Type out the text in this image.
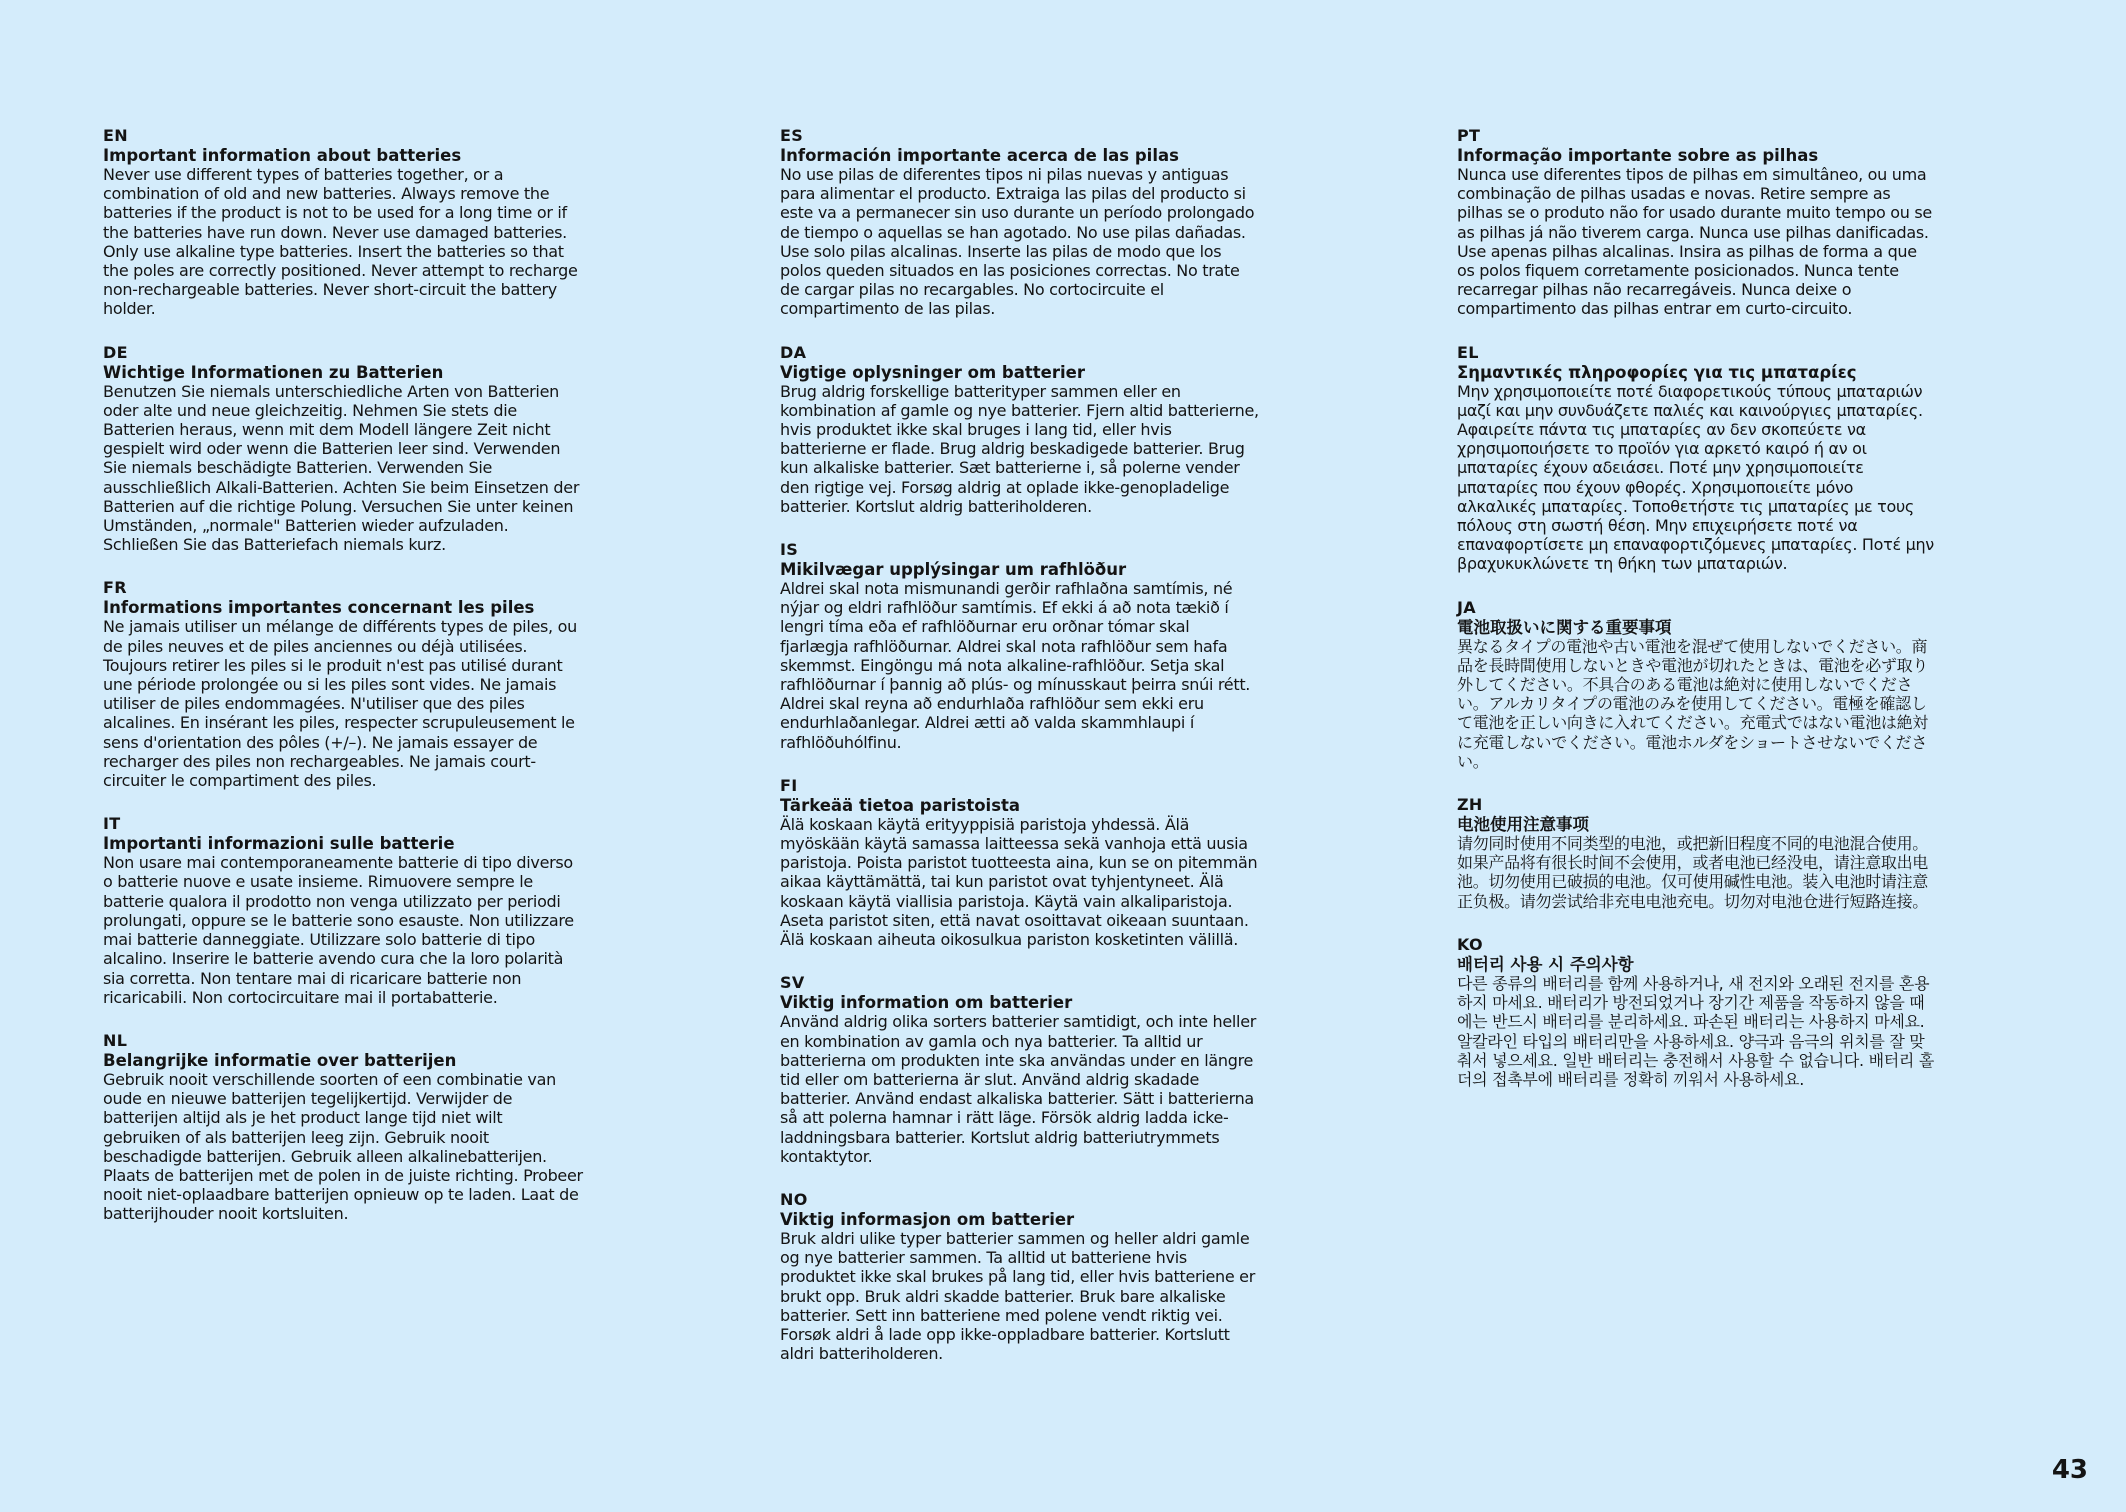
EN
Important information about batteries
Never use different types of batteries together, or a combination of old and new batteries. Always remove the batteries if the product is not to be used for a long time or if the batteries have run down. Never use damaged batteries. Only use alkaline type batteries. Insert the batteries so that the poles are correctly positioned. Never attempt to recharge non-rechargeable batteries. Never short-circuit the battery holder.
DE
Wichtige Informationen zu Batterien
Benutzen Sie niemals unterschiedliche Arten von Batterien oder alte und neue gleichzeitig. Nehmen Sie stets die Batterien heraus, wenn mit dem Modell längere Zeit nicht gespielt wird oder wenn die Batterien leer sind. Verwenden Sie niemals beschädigte Batterien. Verwenden Sie ausschließlich Alkali-Batterien. Achten Sie beim Einsetzen der Batterien auf die richtige Polung. Versuchen Sie unter keinen Umständen, „normale" Batterien wieder aufzuladen. Schließen Sie das Batteriefach niemals kurz.
FR
Informations importantes concernant les piles
Ne jamais utiliser un mélange de différents types de piles, ou de piles neuves et de piles anciennes ou déjà utilisées. Toujours retirer les piles si le produit n'est pas utilisé durant une période prolongée ou si les piles sont vides. Ne jamais utiliser de piles endommagées. N'utiliser que des piles alcalines. En insérant les piles, respecter scrupuleusement le sens d'orientation des pôles (+/–). Ne jamais essayer de recharger des piles non rechargeables. Ne jamais court-circuiter le compartiment des piles.
IT
Importanti informazioni sulle batterie
Non usare mai contemporaneamente batterie di tipo diverso o batterie nuove e usate insieme. Rimuovere sempre le batterie qualora il prodotto non venga utilizzato per periodi prolungati, oppure se le batterie sono esauste. Non utilizzare mai batterie danneggiate. Utilizzare solo batterie di tipo alcalino. Inserire le batterie avendo cura che la loro polarità sia corretta. Non tentare mai di ricaricare batterie non ricaricabili. Non cortocircuitare mai il portabatterie.
NL
Belangrijke informatie over batterijen
Gebruik nooit verschillende soorten of een combinatie van oude en nieuwe batterijen tegelijkertijd. Verwijder de batterijen altijd als je het product lange tijd niet wilt gebruiken of als batterijen leeg zijn. Gebruik nooit beschadigde batterijen. Gebruik alleen alkalinebatterijen. Plaats de batterijen met de polen in de juiste richting. Probeer nooit niet-oplaadbare batterijen opnieuw op te laden. Laat de batterijhouder nooit kortsluiten.
ES
Información importante acerca de las pilas
No use pilas de diferentes tipos ni pilas nuevas y antiguas para alimentar el producto. Extraiga las pilas del producto si este va a permanecer sin uso durante un período prolongado de tiempo o aquellas se han agotado. No use pilas dañadas. Use solo pilas alcalinas. Inserte las pilas de modo que los polos queden situados en las posiciones correctas. No trate de cargar pilas no recargables. No cortocircuite el compartimento de las pilas.
DA
Vigtige oplysninger om batterier
Brug aldrig forskellige batterityper sammen eller en kombination af gamle og nye batterier. Fjern altid batterierne, hvis produktet ikke skal bruges i lang tid, eller hvis batterierne er flade. Brug aldrig beskadigede batterier. Brug kun alkaliske batterier. Sæt batterierne i, så polerne vender den rigtige vej. Forsøg aldrig at oplade ikke-genopladelige batterier. Kortslut aldrig batteriholderen.
IS
Mikilvægar upplýsingar um rafhlöður
Aldrei skal nota mismunandi gerðir rafhlaðna samtímis, né nýjar og eldri rafhlöður samtímis. Ef ekki á að nota tækið í lengri tíma eða ef rafhlöðurnar eru orðnar tómar skal fjarlægja rafhlöðurnar. Aldrei skal nota rafhlöður sem hafa skemmst. Eingöngu má nota alkaline-rafhlöður. Setja skal rafhlöðurnar í þannig að plús- og mínusskaut þeirra snúi rétt. Aldrei skal reyna að endurhlaða rafhlöður sem ekki eru endurhlaðanlegar. Aldrei ætti að valda skammhlaupi í rafhlöðuhólfinu.
FI
Tärkeää tietoa paristoista
Älä koskaan käytä erityyppisiä paristoja yhdessä. Älä myöskään käytä samassa laitteessa sekä vanhoja että uusia paristoja. Poista paristot tuotteesta aina, kun se on pitemmän aikaa käyttämättä, tai kun paristot ovat tyhjentyneet. Älä koskaan käytä viallisia paristoja. Käytä vain alkaliparistoja. Aseta paristot siten, että navat osoittavat oikeaan suuntaan. Älä koskaan aiheuta oikosulkua pariston kosketinten välillä.
SV
Viktig information om batterier
Använd aldrig olika sorters batterier samtidigt, och inte heller en kombination av gamla och nya batterier. Ta alltid ur batterierna om produkten inte ska användas under en längre tid eller om batterierna är slut. Använd aldrig skadade batterier. Använd endast alkaliska batterier. Sätt i batterierna så att polerna hamnar i rätt läge. Försök aldrig ladda icke-laddningsbara batterier. Kortslut aldrig batteriutrymmets kontaktytor.
NO
Viktig informasjon om batterier
Bruk aldri ulike typer batterier sammen og heller aldri gamle og nye batterier sammen. Ta alltid ut batteriene hvis produktet ikke skal brukes på lang tid, eller hvis batteriene er brukt opp. Bruk aldri skadde batterier. Bruk bare alkaliske batterier. Sett inn batteriene med polene vendt riktig vei. Forsøk aldri å lade opp ikke-oppladbare batterier. Kortslutt aldri batteriholderen.
PT
Informação importante sobre as pilhas
Nunca use diferentes tipos de pilhas em simultâneo, ou uma combinação de pilhas usadas e novas. Retire sempre as pilhas se o produto não for usado durante muito tempo ou se as pilhas já não tiverem carga. Nunca use pilhas danificadas. Use apenas pilhas alcalinas. Insira as pilhas de forma a que os polos fiquem corretamente posicionados. Nunca tente recarregar pilhas não recarregáveis. Nunca deixe o compartimento das pilhas entrar em curto-circuito.
EL
Σημαντικές πληροφορίες για τις μπαταρίες
Μην χρησιμοποιείτε ποτέ διαφορετικούς τύπους μπαταριών μαζί και μην συνδυάζετε παλιές και καινούργιες μπαταρίες. Αφαιρείτε πάντα τις μπαταρίες αν δεν σκοπεύετε να χρησιμοποιήσετε το προϊόν για αρκετό καιρό ή αν οι μπαταρίες έχουν αδειάσει. Ποτέ μην χρησιμοποιείτε μπαταρίες που έχουν φθορές. Χρησιμοποιείτε μόνο αλκαλικές μπαταρίες. Τοποθετήστε τις μπαταρίες με τους πόλους στη σωστή θέση. Μην επιχειρήσετε ποτέ να επαναφορτίσετε μη επαναφορτιζόμενες μπαταρίες. Ποτέ μην βραχυκυκλώνετε τη θήκη των μπαταριών.
JA
電池取扱いに関する重要事項
異なるタイプの電池や古い電池を混ぜて使用しないでください。商品を長時間使用しないときや電池が切れたときは、電池を必ず取り外してください。不具合のある電池は絶対に使用しないでください。アルカリタイプの電池のみを使用してください。電極を確認して電池を正しい向きに入れてください。充電式ではない電池は絶対に充電しないでください。電池ホルダをショートさせないでください。
ZH
电池使用注意事项
请勿同时使用不同类型的电池，或把新旧程度不同的电池混合使用。如果产品将有很长时间不会使用，或者电池已经没电，请注意取出电池。切勿使用已破损的电池。仅可使用碱性电池。装入电池时请注意正负极。请勿尝试给非充电电池充电。切勿对电池仓进行短路连接。
KO
배터리 사용 시 주의사항
다른 종류의 배터리를 함께 사용하거나, 새 전지와 오래된 전지를 혼용하지 마세요. 배터리가 방전되었거나 장기간 제품을 작동하지 않을 때에는 반드시 배터리를 분리하세요. 파손된 배터리는 사용하지 마세요. 알칼라인 타입의 배터리만을 사용하세요. 양극과 음극의 위치를 잘 맞춰서 넣으세요. 일반 배터리는 충전해서 사용할 수 없습니다. 배터리 홀더의 접촉부에 배터리를 정확히 끼워서 사용하세요.
43
